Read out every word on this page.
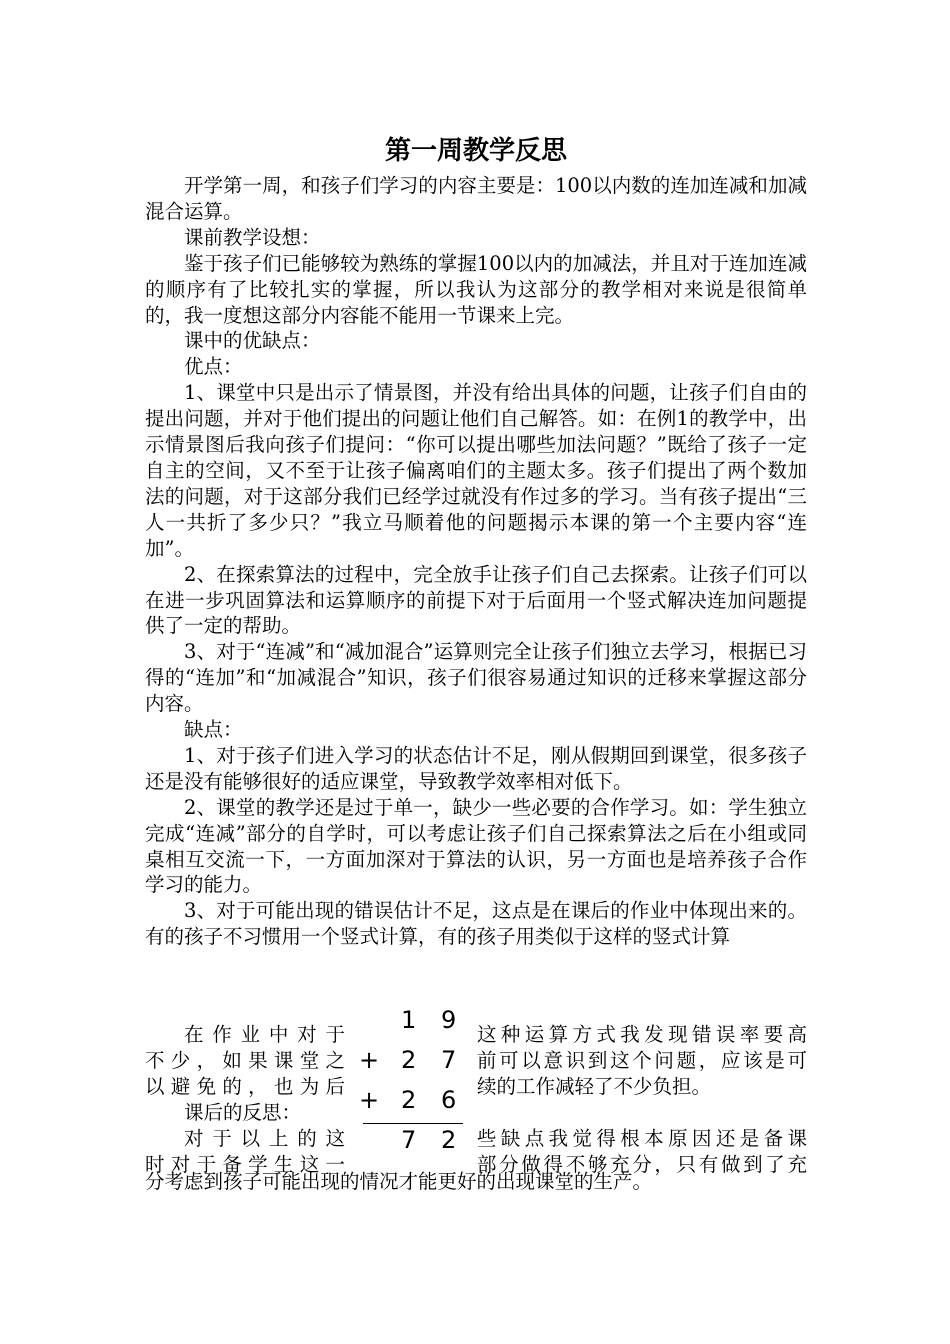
第一周教学反思

开学第一周，和孩子们学习的内容主要是：100以内数的连加连减和加减混合运算。

课前教学设想：

鉴于孩子们已能够较为熟练的掌握100以内的加减法，并且对于连加连减的顺序有了比较扎实的掌握，所以我认为这部分的教学相对来说是很简单的，我一度想这部分内容能不能用一节课来上完。

课中的优缺点：

优点：

1、课堂中只是出示了情景图，并没有给出具体的问题，让孩子们自由的提出问题，并对于他们提出的问题让他们自己解答。如：在例1的教学中，出示情景图后我向孩子们提问：“你可以提出哪些加法问题？”既给了孩子一定自主的空间，又不至于让孩子偏离咱们的主题太多。孩子们提出了两个数加法的问题，对于这部分我们已经学过就没有作过多的学习。当有孩子提出“三人一共折了多少只？”我立马顺着他的问题揭示本课的第一个主要内容“连加”。

2、在探索算法的过程中，完全放手让孩子们自己去探索。让孩子们可以在进一步巩固算法和运算顺序的前提下对于后面用一个竖式解决连加问题提供了一定的帮助。

3、对于“连减”和“减加混合”运算则完全让孩子们独立去学习，根据已习得的“连加”和“加减混合”知识，孩子们很容易通过知识的迁移来掌握这部分内容。

缺点：

1、对于孩子们进入学习的状态估计不足，刚从假期回到课堂，很多孩子还是没有能够很好的适应课堂，导致教学效率相对低下。

2、课堂的教学还是过于单一，缺少一些必要的合作学习。如：学生独立完成“连减”部分的自学时，可以考虑让孩子们自己探索算法之后在小组或同桌相互交流一下，一方面加深对于算法的认识，另一方面也是培养孩子合作学习的能力。

3、对于可能出现的错误估计不足，这点是在课后的作业中体现出来的。有的孩子不习惯用一个竖式计算，有的孩子用类似于这样的竖式计算

在作业中对于

不少，如果课堂之

以避免的，也为后

课后的反思：

对于以上的这

时对于备学生这一

这种运算方式我发现错误率要高

前可以意识到这个问题，应该是可

续的工作减轻了不少负担。

些缺点我觉得根本原因还是备课

部分做得不够充分，只有做到了充

分考虑到孩子可能出现的情况才能更好的出现课堂的生产。

1 9
+ 2 7
+ 2 6
7 2
